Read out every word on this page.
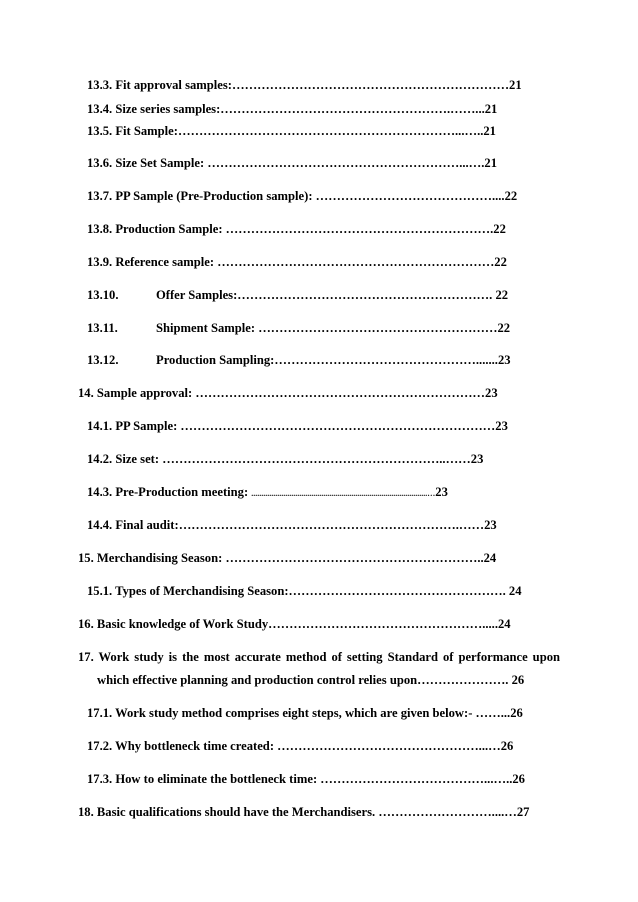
13.3. Fit approval samples:…………………………………………………………21
13.4. Size series samples:……………………………………………….……...21
13.5. Fit Sample:…………………………………………………………...…..21
13.6. Size Set Sample: ……………………………………………………...….21
13.7. PP Sample (Pre-Production sample): ……………………………………....22
13.8. Production Sample: ……………………………………………………….22
13.9. Reference sample: …………………………………………………………22
13.10.	Offer Samples:……………………………………………………. 22
13.11.	Shipment Sample: …………………………………………………22
13.12.	Production Sampling:………………………………………….......23
14. Sample approval: ……………………………………………………………23
14.1. PP Sample: …………………………………………………………………23
14.2. Size set: …………………………………………………………..……23
14.3. Pre-Production meeting: ........................................................................................…23
14.4. Final audit:………………………………………………………….……23
15. Merchandising Season: ……………………………………………………..24
15.1. Types of Merchandising Season:……………………………………………. 24
16. Basic knowledge of Work Study…………………………………………….....24
17. Work study is the most accurate method of setting Standard of performance upon
which effective planning and production control relies upon…………………. 26
17.1. Work study method comprises eight steps, which are given below:- ……...26
17.2. Why bottleneck time created: …………………………………………...…26
17.3. How to eliminate the bottleneck time: …………………………………...…..26
18. Basic qualifications should have the Merchandisers. ………………………....…27
